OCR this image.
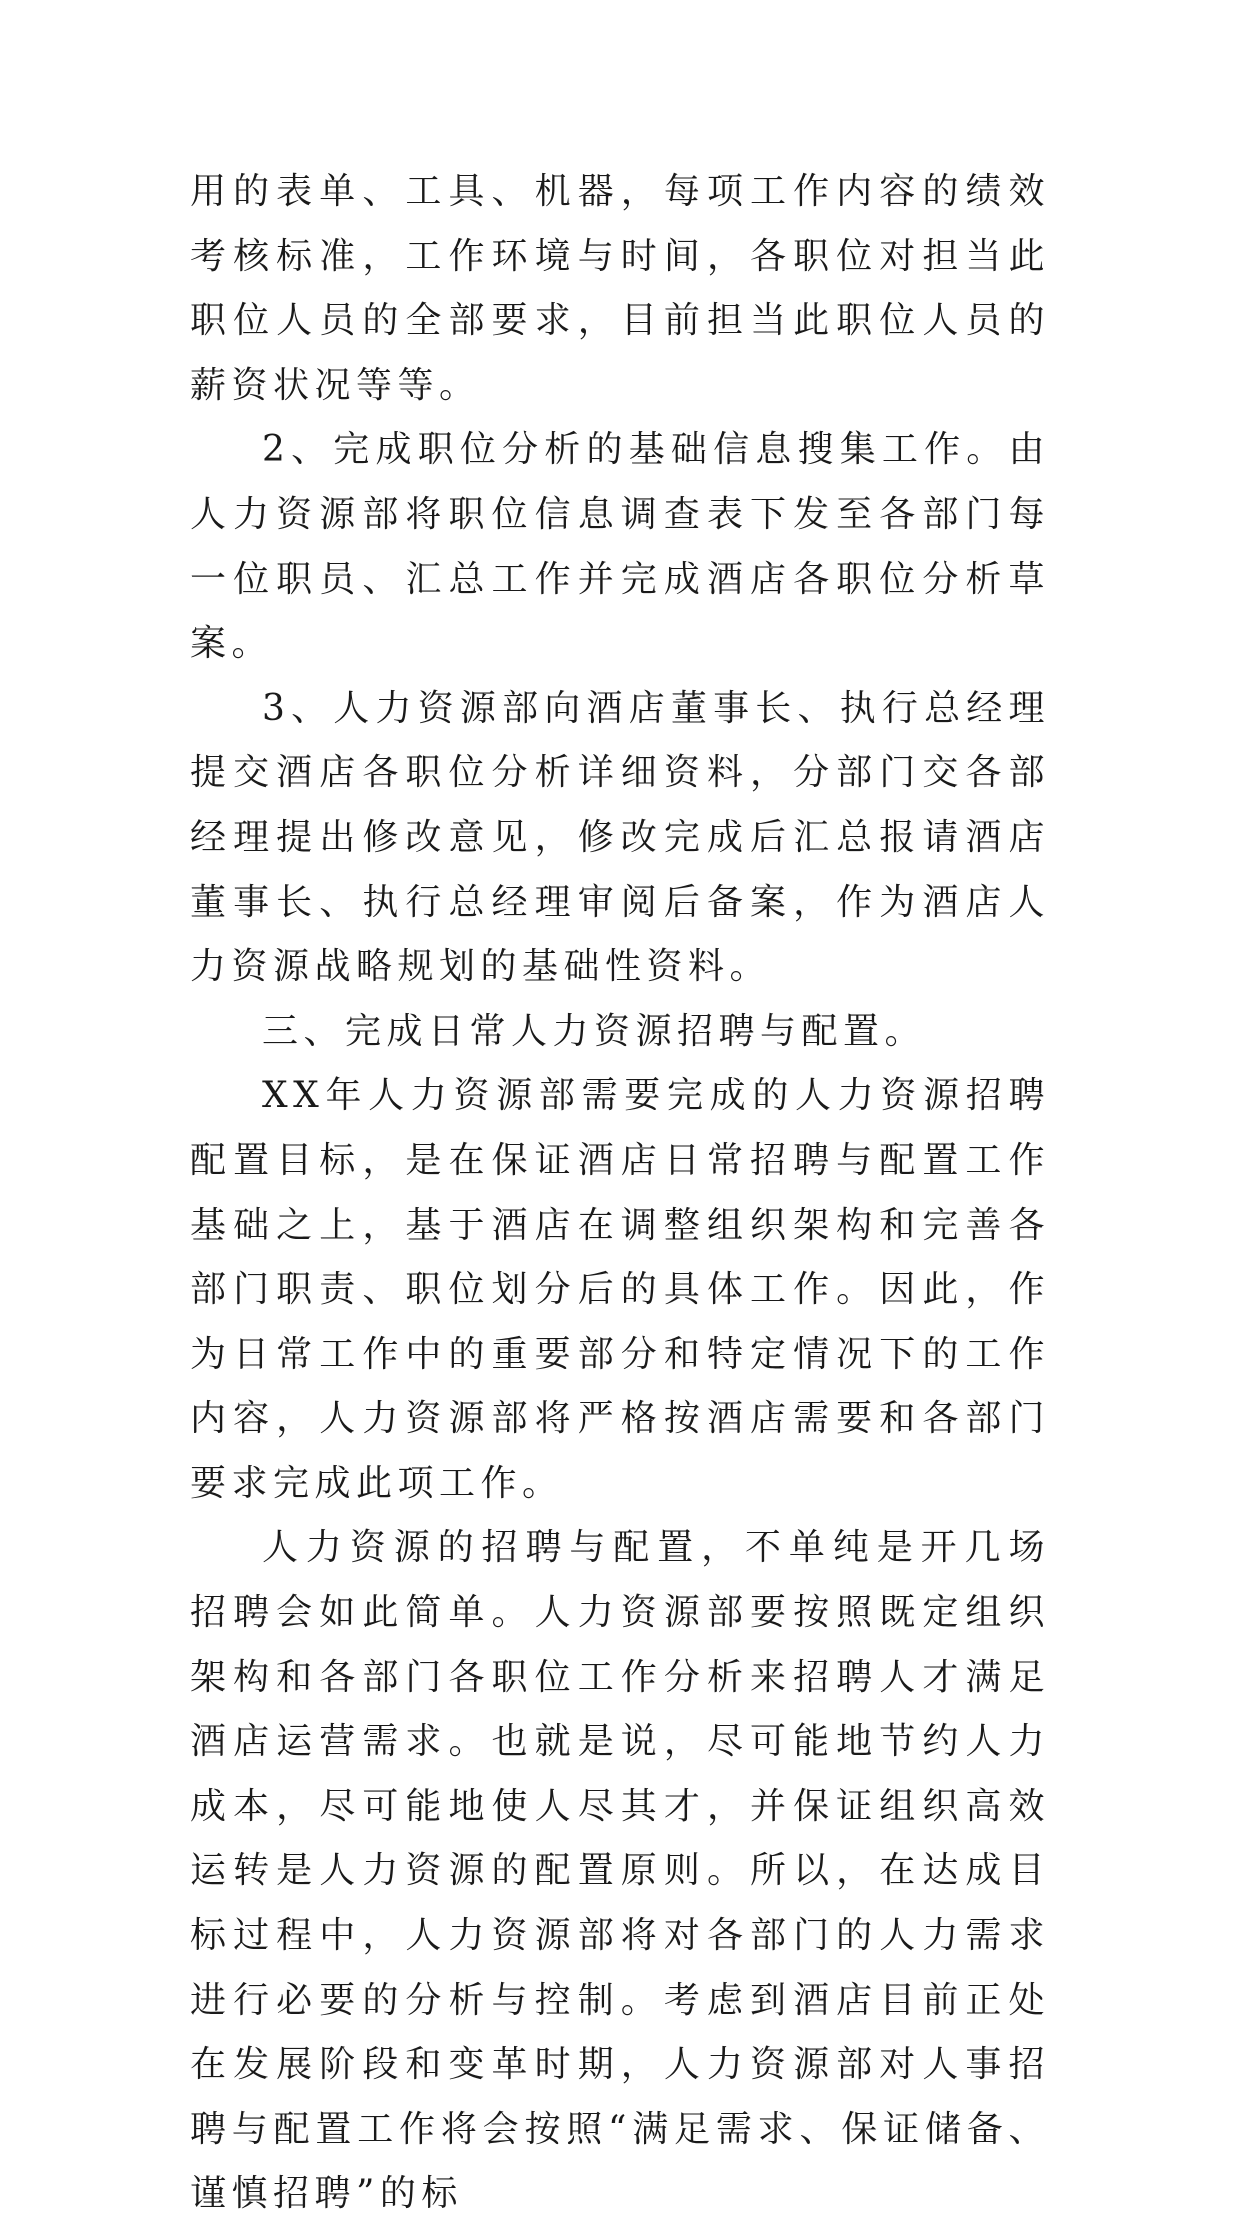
用的表单、工具、机器，每项工作内容的绩效考核标准，工作环境与时间，各职位对担当此职位人员的全部要求，目前担当此职位人员的薪资状况等等。

2、完成职位分析的基础信息搜集工作。由人力资源部将职位信息调查表下发至各部门每一位职员、汇总工作并完成酒店各职位分析草案。

3、人力资源部向酒店董事长、执行总经理提交酒店各职位分析详细资料，分部门交各部经理提出修改意见，修改完成后汇总报请酒店董事长、执行总经理审阅后备案，作为酒店人力资源战略规划的基础性资料。

三、完成日常人力资源招聘与配置。

XX年人力资源部需要完成的人力资源招聘配置目标，是在保证酒店日常招聘与配置工作基础之上，基于酒店在调整组织架构和完善各部门职责、职位划分后的具体工作。因此，作为日常工作中的重要部分和特定情况下的工作内容，人力资源部将严格按酒店需要和各部门要求完成此项工作。

人力资源的招聘与配置，不单纯是开几场招聘会如此简单。人力资源部要按照既定组织架构和各部门各职位工作分析来招聘人才满足酒店运营需求。也就是说，尽可能地节约人力成本，尽可能地使人尽其才，并保证组织高效运转是人力资源的配置原则。所以，在达成目标过程中，人力资源部将对各部门的人力需求进行必要的分析与控制。考虑到酒店目前正处在发展阶段和变革时期，人力资源部对人事招聘与配置工作将会按照“满足需求、保证储备、谨慎招聘”的标
